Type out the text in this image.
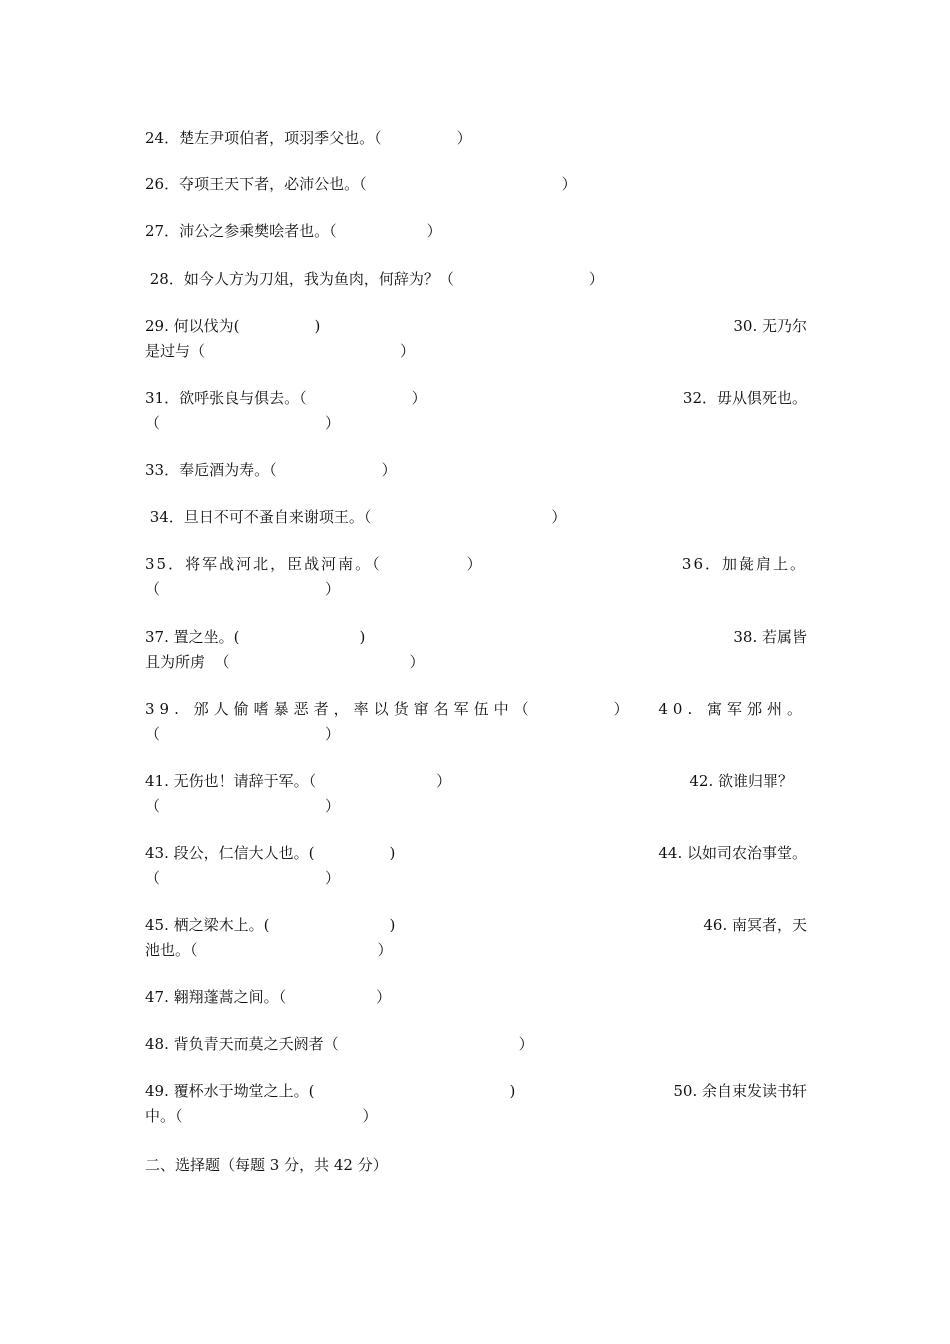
24．楚左尹项伯者，项羽季父也。（　　　　　）
26．夺项王天下者，必沛公也。（　　　　　　　　　　　　　）
27．沛公之参乘樊哙者也。（　　　　　　）
28．如今人方为刀俎，我为鱼肉，何辞为？（　　　　　　　　　）
29. 何以伐为(　　　　　)	30. 无乃尔
是过与（　　　　　　　　　　　　　）
31．欲呼张良与俱去。（　　　　　　　）	32．毋从俱死也。
（　　　　　　　　　　　）
33．奉卮酒为寿。（　　　　　　　）
34．旦日不可不蚤自来谢项王。（　　　　　　　　　　　　）
35．将军战河北，臣战河南。（　　　　　）	36．加彘肩上。
（　　　　　　　　　　　）
37. 置之坐。(　　　　　　　　)	38. 若属皆
且为所虏  （　　　　　　　　　　　　）
39. 邠人偷嗜暴恶者，率以货窜名军伍中（　　　　） 40. 寓军邠州。
（　　　　　　　　　　　）
41. 无伤也！请辞于军。（　　　　　　　　）	42. 欲谁归罪？
（　　　　　　　　　　　）
43. 段公，仁信大人也。(　　　　　)	44. 以如司农治事堂。
（　　　　　　　　　　　）
45. 栖之梁木上。(　　　　　　　　)	46. 南冥者，天
池也。（　　　　　　　　　　　　）
47. 翱翔蓬蒿之间。（　　　　　　）
48. 背负青天而莫之夭阏者（　　　　　　　　　　　　）
49. 覆杯水于坳堂之上。(　　　　　　　　　　　　　)	50. 余自束发读书轩
中。（　　　　　　　　　　　　）
二、选择题（每题 3 分，共 42 分）
